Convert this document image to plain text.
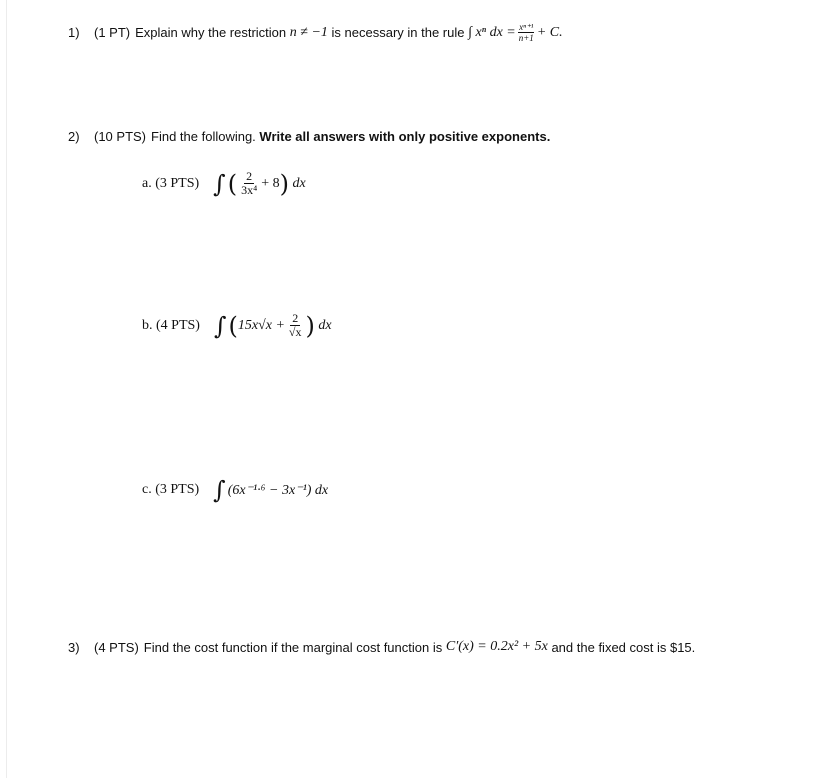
1)	(1 PT) Explain why the restriction
n ≠ −1
is necessary in the rule
∫ xⁿ dx = $\frac{\text{xⁿ⁺¹}}{n+1} + C$.
2)	(10 PTS) Find the following.
Write all answers with only positive exponents.
a. (3 PTS) ∫ ( $\frac{2}{\text{3x⁴}} + 8$ )
dx
b. (4 PTS) ∫ ( $15x√x + \frac{2}{√x}$ )
dx
c. (3 PTS) ∫ (6x⁻¹·⁶ − 3x⁻¹) dx
3)	(4 PTS) Find the cost function if the marginal cost function is
C′(x) = 0.2x² + 5x
and the fixed cost is $15.
